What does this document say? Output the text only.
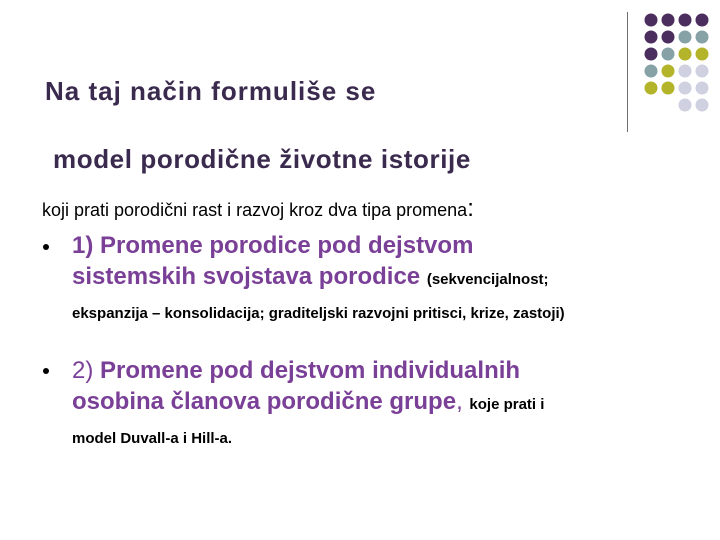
Na taj način formuliše se
model porodične životne istorije
koji prati porodični rast i razvoj kroz dva tipa promena:
1) Promene porodice pod dejstvom
sistemskih svojstava porodice (sekvencijalnost;
ekspanzija – konsolidacija; graditeljski razvojni pritisci, krize, zastoji)
2) Promene pod dejstvom individualnih
osobina članova porodične grupe, koje prati i
model Duvall-a i Hill-a.
